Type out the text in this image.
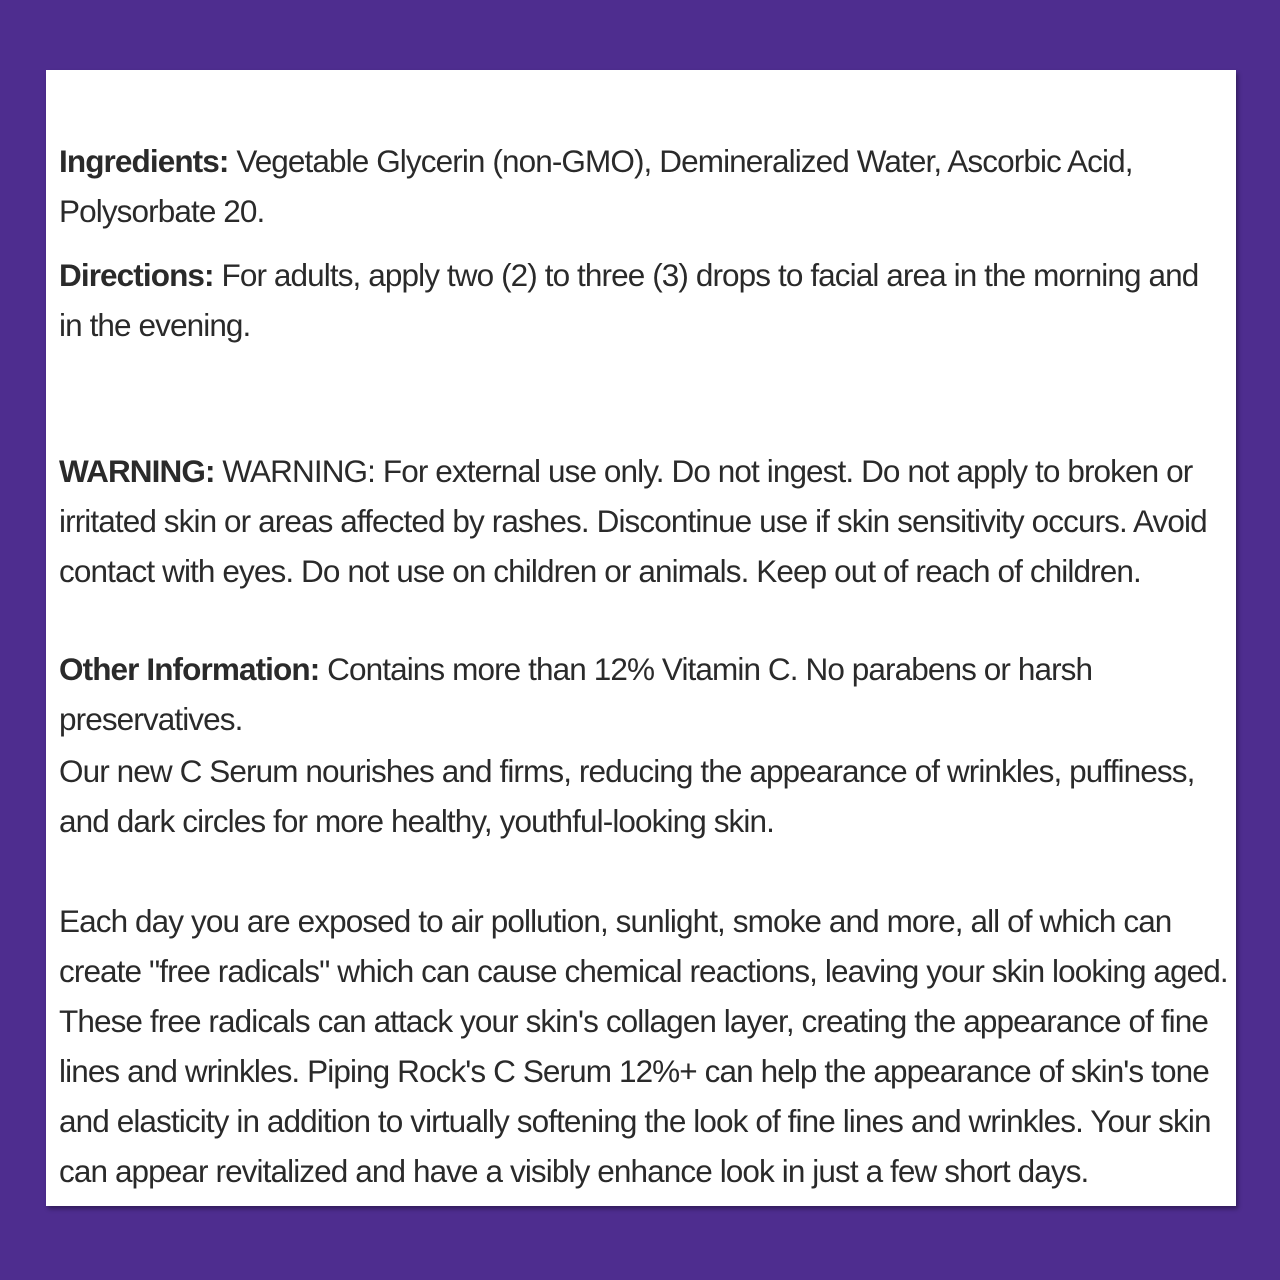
Ingredients: Vegetable Glycerin (non-GMO), Demineralized Water, Ascorbic Acid, Polysorbate 20.

Directions: For adults, apply two (2) to three (3) drops to facial area in the morning and in the evening.

WARNING: WARNING: For external use only. Do not ingest. Do not apply to broken or irritated skin or areas affected by rashes. Discontinue use if skin sensitivity occurs. Avoid contact with eyes. Do not use on children or animals. Keep out of reach of children.

Other Information: Contains more than 12% Vitamin C. No parabens or harsh preservatives.

Our new C Serum nourishes and firms, reducing the appearance of wrinkles, puffiness, and dark circles for more healthy, youthful-looking skin.

Each day you are exposed to air pollution, sunlight, smoke and more, all of which can create "free radicals" which can cause chemical reactions, leaving your skin looking aged. These free radicals can attack your skin's collagen layer, creating the appearance of fine lines and wrinkles. Piping Rock's C Serum 12%+ can help the appearance of skin's tone and elasticity in addition to virtually softening the look of fine lines and wrinkles. Your skin can appear revitalized and have a visibly enhance look in just a few short days.
